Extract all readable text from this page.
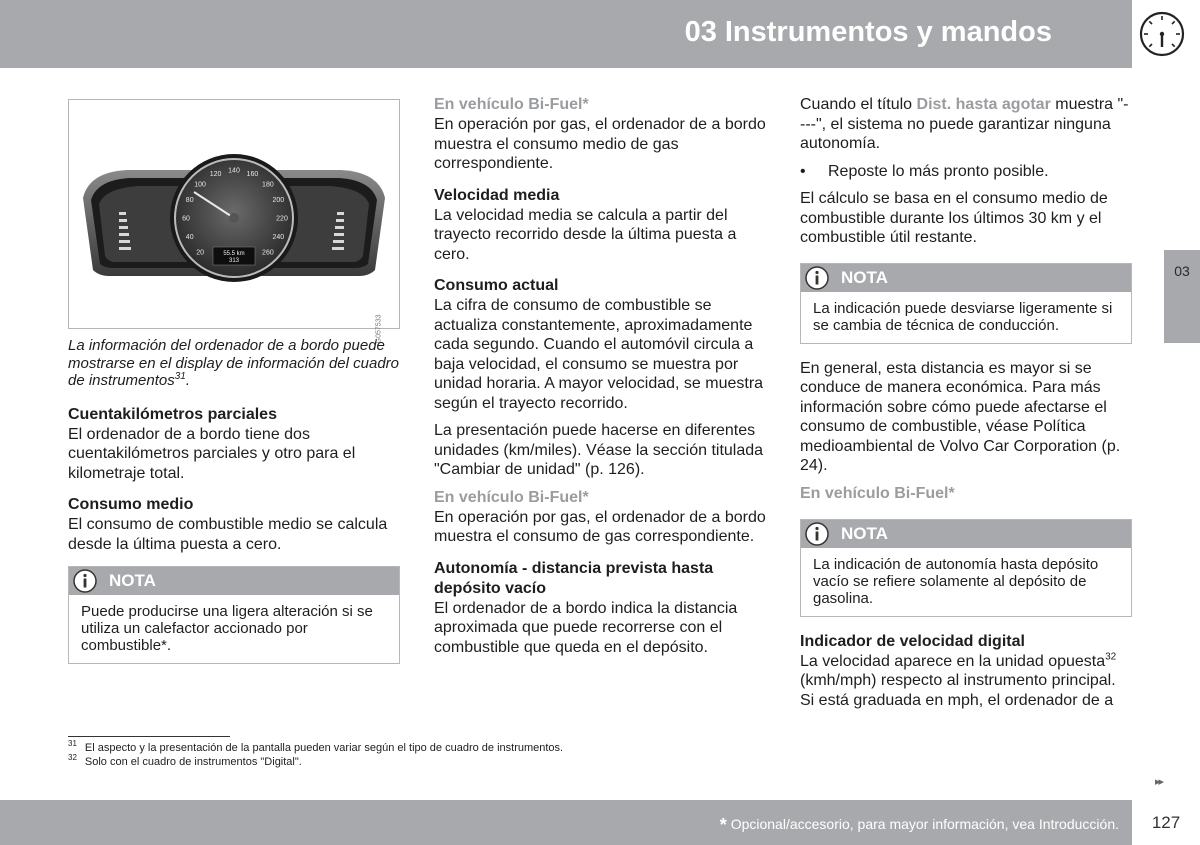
03 Instrumentos y mandos
03
20
40
60
80
100
120
140
160
180
200
220
240
260
55.5 km
313
G057533

La información del ordenador de a bordo puede mostrarse en el display de información del cuadro de instrumentos$^{31}$.

Cuentakilómetros parciales

El ordenador de a bordo tiene dos cuentakilómetros parciales y otro para el kilometraje total.

Consumo medio

El consumo de combustible medio se calcula desde la última puesta a cero.

NOTA
Puede producirse una ligera alteración si se utiliza un calefactor accionado por combustible*.
En vehículo Bi-Fuel*

En operación por gas, el ordenador de a bordo muestra el consumo medio de gas correspondiente.

Velocidad media

La velocidad media se calcula a partir del trayecto recorrido desde la última puesta a cero.

Consumo actual

La cifra de consumo de combustible se actualiza constantemente, aproximadamente cada segundo. Cuando el automóvil circula a baja velocidad, el consumo se muestra por unidad horaria. A mayor velocidad, se muestra según el trayecto recorrido.

La presentación puede hacerse en diferentes unidades (km/miles). Véase la sección titulada "Cambiar de unidad" (p. 126).

En vehículo Bi-Fuel*

En operación por gas, el ordenador de a bordo muestra el consumo de gas correspondiente.

Autonomía - distancia prevista hasta depósito vacío

El ordenador de a bordo indica la distancia aproximada que puede recorrerse con el combustible que queda en el depósito.

Cuando el título Dist. hasta agotar muestra "----", el sistema no puede garantizar ninguna autonomía.

•	Reposte lo más pronto posible.

El cálculo se basa en el consumo medio de combustible durante los últimos 30 km y el combustible útil restante.

NOTA
La indicación puede desviarse ligeramente si se cambia de técnica de conducción.

En general, esta distancia es mayor si se conduce de manera económica. Para más información sobre cómo puede afectarse el consumo de combustible, véase Política medioambiental de Volvo Car Corporation (p. 24).

En vehículo Bi-Fuel*
NOTA
La indicación de autonomía hasta depósito vacío se refiere solamente al depósito de gasolina.
Indicador de velocidad digital

La velocidad aparece en la unidad opuesta$^{32}$ (kmh/mph) respecto al instrumento principal. Si está graduada en mph, el ordenador de a

$^{31}$ El aspecto y la presentación de la pantalla pueden variar según el tipo de cuadro de instrumentos.
$^{32}$ Solo con el cuadro de instrumentos "Digital".
▸▸
* Opcional/accesorio, para mayor información, vea Introducción.	127
